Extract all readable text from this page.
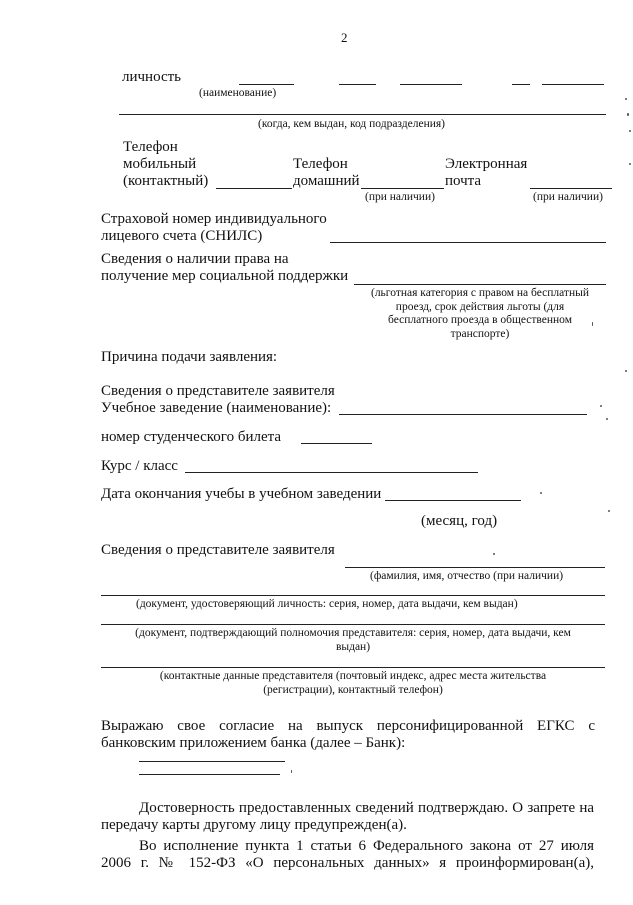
2
личность
(наименование)
(когда, кем выдан, код подразделения)
Телефон
мобильный
(контактный)
Телефон
домашний
Электронная
почта
(при наличии)	(при наличии)
Страховой номер индивидуального
лицевого счета (СНИЛС)
Сведения о наличии права на
получение мер социальной поддержки
(льготная категория с правом на бесплатный
проезд, срок действия льготы (для
бесплатного проезда в общественном
транспорте)
Причина подачи заявления:
Сведения о представителе заявителя
Учебное заведение (наименование):
номер студенческого билета
Курс / класс
Дата окончания учебы в учебном заведении
(месяц, год)
Сведения о представителе заявителя
(фамилия, имя, отчество (при наличии)
(документ, удостоверяющий личность: серия, номер, дата выдачи, кем выдан)
(документ, подтверждающий полномочия представителя: серия, номер, дата выдачи, кем
выдан)
(контактные данные представителя (почтовый индекс, адрес места жительства
(регистрации), контактный телефон)
Выражаю свое согласие на выпуск персонифицированной ЕГКС с
банковским приложением банка (далее – Банк):
Достоверность предоставленных сведений подтверждаю. О запрете на
передачу карты другому лицу предупрежден(а).
Во исполнение пункта 1 статьи 6 Федерального закона от 27 июля
2006 г. № 152-ФЗ «О персональных данных» я проинформирован(а),
